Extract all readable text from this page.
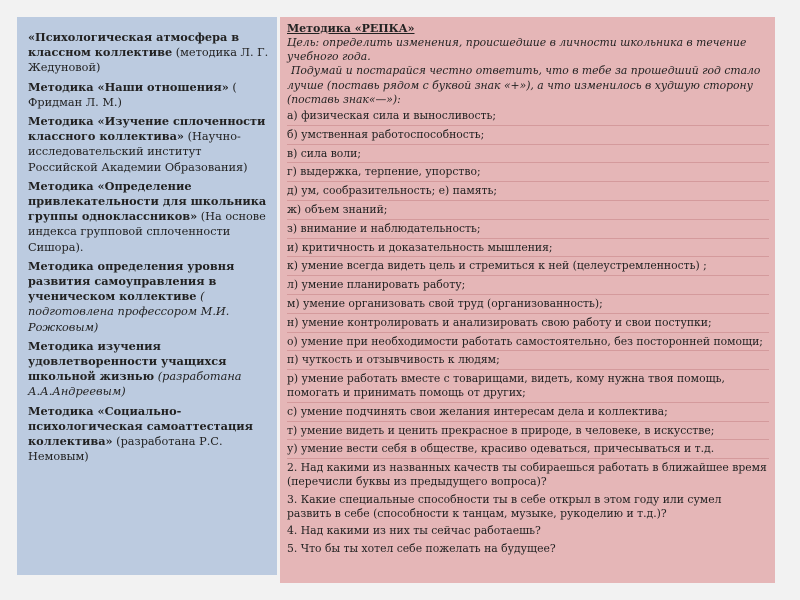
«Психологическая атмосфера в классном коллективе (методика Л. Г. Жедуновой)

Методика «Наши отношения» ( Фридман Л. М.)

Методика «Изучение сплоченности классного коллектива» (Научно-исследовательский институт Российской Академии Образования)

Методика «Определение привлекательности для школьника группы одноклассников» (На основе индекса групповой сплоченности Сишора).

Методика определения уровня развития самоуправления в ученическом коллективе ( подготовлена профессором М.И. Рожковым)

Методика изучения удовлетворенности учащихся школьной жизнью (разработана А.А.Андреевым)

Методика «Социально-психологическая самоаттестация коллектива» (разработана Р.С. Немовым)

Методика «РЕПКА»
Цель: определить изменения, происшедшие в личности школьника в течение учебного года.
Подумай и постарайся честно ответить, что в тебе за прошедший год стало лучше (поставь рядом с буквой знак «+»), а что изменилось в худшую сторону (поставь знак«—»):
а) физическая сила и выносливость;
б) умственная работоспособность;
в) сила воли;
г) выдержка, терпение, упорство;
д) ум, сообразительность; е) память;
ж) объем знаний;
з) внимание и наблюдательность;
и) критичность и доказательность мышления;
к) умение всегда видеть цель и стремиться к ней (целеустремленность) ;
л) умение планировать работу;
м) умение организовать свой труд (организованность);
н) умение контролировать и анализировать свою работу и свои поступки;
о) умение при необходимости работать самостоятельно, без посторонней помощи;
п) чуткость и отзывчивость к людям;
р) умение работать вместе с товарищами, видеть, кому нужна твоя помощь, помогать и принимать помощь от других;
с) умение подчинять свои желания интересам дела и коллектива;
т) умение видеть и ценить прекрасное в природе, в человеке, в искусстве;
у) умение вести себя в обществе, красиво одеваться, причесываться и т.д.
2. Над какими из названных качеств ты собираешься работать в ближайшее время (перечисли буквы из предыдущего вопроса)?
3. Какие специальные способности ты в себе открыл в этом году или сумел развить в себе (способности к танцам, музыке, рукоделию и т.д.)?
4. Над какими из них ты сейчас работаешь?
5. Что бы ты хотел себе пожелать на будущее?
